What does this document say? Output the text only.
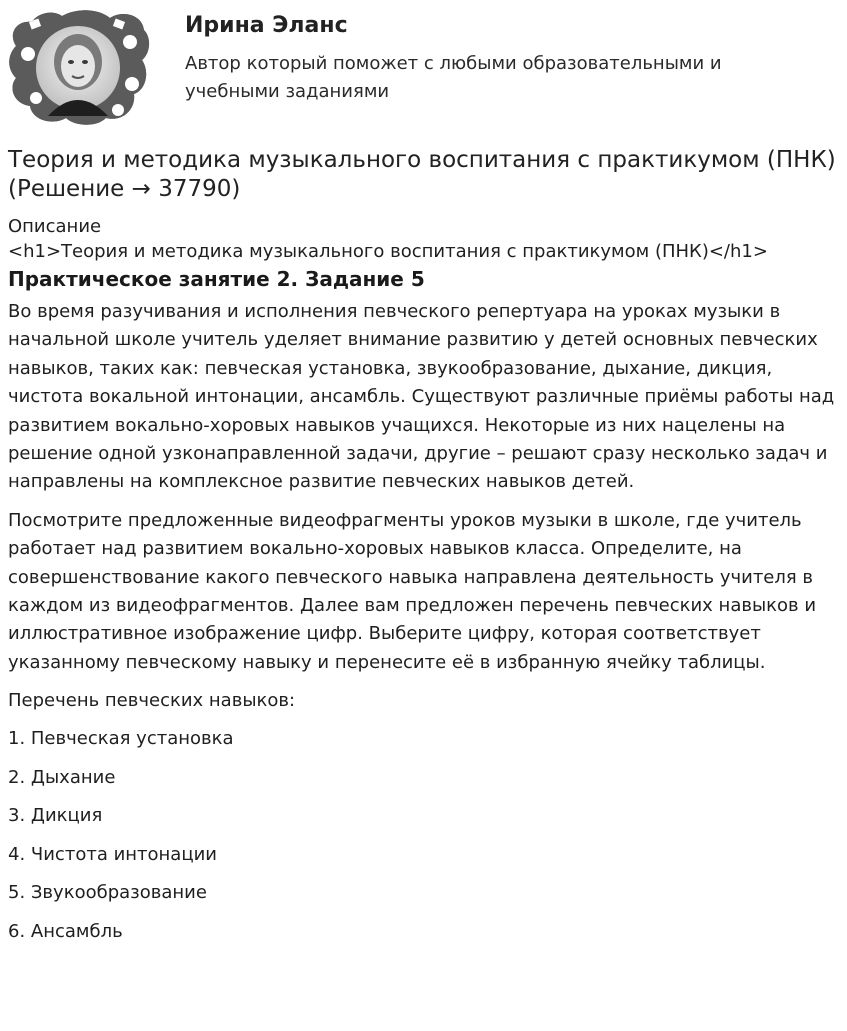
Ирина Эланс

Автор который поможет с любыми образовательными и учебными заданиями

Теория и методика музыкального воспитания с практикумом (ПНК) (Решение → 37790)

Описание

<h1>Теория и методика музыкального воспитания с практикумом (ПНК)</h1>

Практическое занятие 2. Задание 5

Во время разучивания и исполнения певческого репертуара на уроках музыки в начальной школе учитель уделяет внимание развитию у детей основных певческих навыков, таких как: певческая установка, звукообразование, дыхание, дикция, чистота вокальной интонации, ансамбль. Существуют различные приёмы работы над развитием вокально-хоровых навыков учащихся. Некоторые из них нацелены на решение одной узконаправленной задачи, другие – решают сразу несколько задач и направлены на комплексное развитие певческих навыков детей.

Посмотрите предложенные видеофрагменты уроков музыки в школе, где учитель работает над развитием вокально-хоровых навыков класса. Определите, на совершенствование какого певческого навыка направлена деятельность учителя в каждом из видеофрагментов. Далее вам предложен перечень певческих навыков и иллюстративное изображение цифр. Выберите цифру, которая соответствует указанному певческому навыку и перенесите её в избранную ячейку таблицы.

Перечень певческих навыков:

1. Певческая установка

2. Дыхание

3. Дикция

4. Чистота интонации

5. Звукообразование

6. Ансамбль
